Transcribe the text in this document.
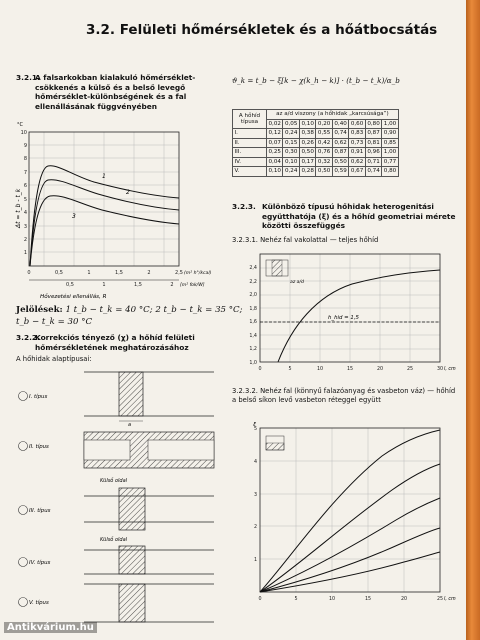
3.2. Felületi hőmérsékletek és a hőátbocsátás
3.2.1.
A falsarkokban kialakuló hőmérséklet-csökkenés a külső és a belső levegő hőmérséklet-különbségének és a fal ellenállásának függvényében
1
2
3
1
2
3
4
5
6
7
8
9
10
°C
Δt = t_b - t_k
0	0,5	1	1,5	2	2,5 (m² h°/kcal)
0,5	1	1,5	2 [m² fok/W]
Hővezetési ellenállás, R
Jelölések: 1 t_b − t_k = 40 °C; 2 t_b − t_k = 35 °C;
t_b − t_k = 30 °C
3.2.2.
Korrekciós tényező (χ) a hőhíd felületi hőmérsékletének meghatározásához
A hőhidak alaptípusai:
I. típus
a
II. típus
Külső oldal
III. típus
Külső oldal
IV. típus
V. típus
ϑ_k = t_b − ξ[k − χ(k_h − k)] · (t_b − t_k)/α_b
A hőhíd típusa	az a/d viszony (a hőhidak „karcsúsága”)							
	0,02	0,05	0,10	0,20	0,40	0,60	0,80	1,00
I.	0,12	0,24	0,38	0,55	0,74	0,83	0,87	0,90
II.	0,07	0,15	0,26	0,42	0,62	0,73	0,81	0,85
III.	0,25	0,30	0,50	0,76	0,87	0,91	0,96	1,00
IV.	0,04	0,10	0,17	0,32	0,50	0,62	0,71	0,77
V.	0,10	0,24	0,28	0,50	0,59	0,67	0,74	0,80
3.2.3. Különböző típusú hőhidak heterogenitási együtthatója (ξ) és a hőhíd geometriai mérete közötti összefüggés
3.2.3.1. Nehéz fal vakolattal — teljes hőhíd
h_hid = 1,5
az a/d
1,0
1,2
1,4
1,6
1,8
2,0
2,2
2,4
0	5	10	15	20	25	30 l, cm
3.2.3.2. Nehéz fal (könnyű falazóanyag és vasbeton váz) — hőhíd a belső síkon levő vasbeton réteggel együtt
ξ
1
2
3
4
5
0	5	10	15	20	25 l, cm
Antikvárium.hu
